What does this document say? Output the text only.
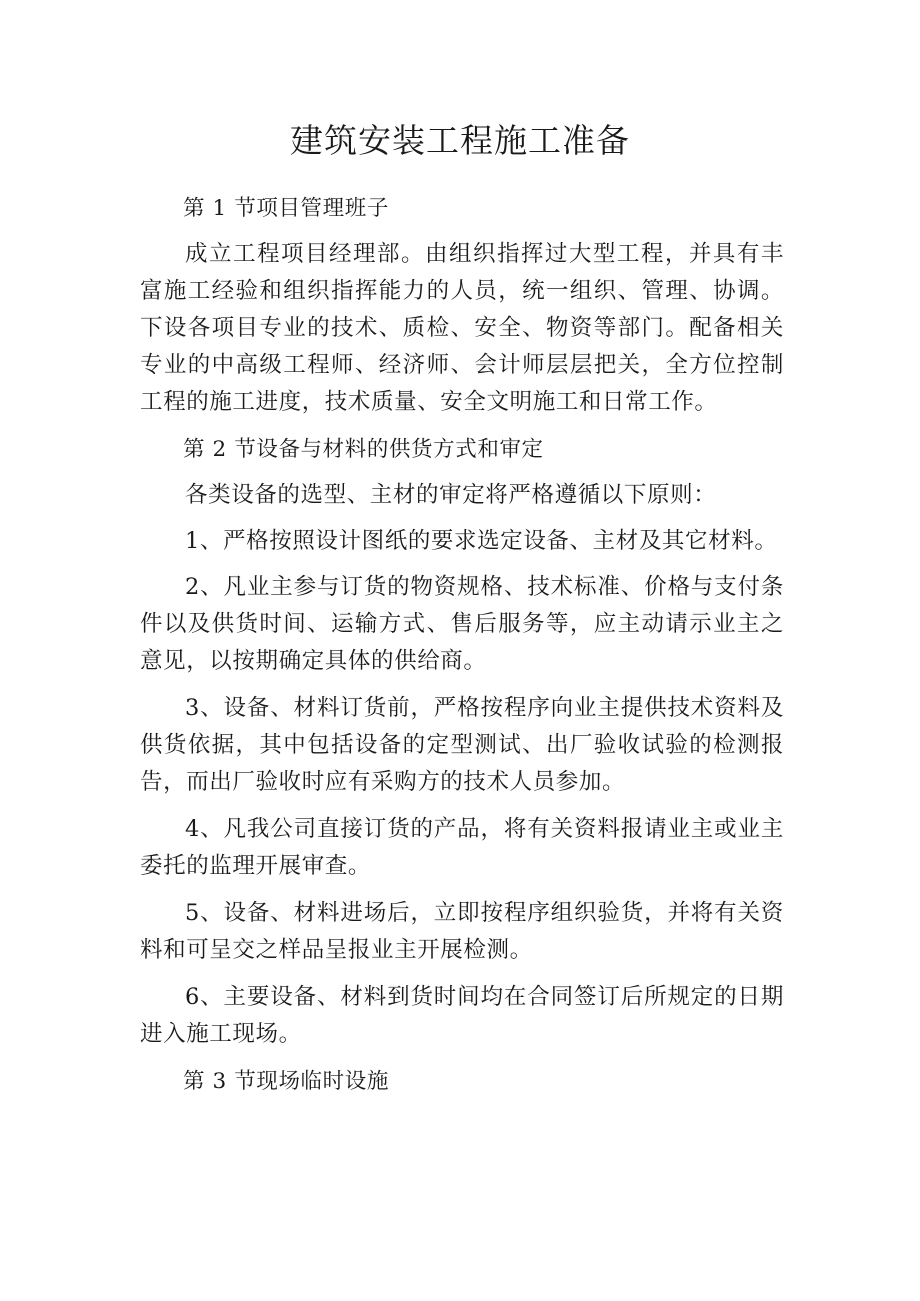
建筑安装工程施工准备

第 1 节项目管理班子

成立工程项目经理部。由组织指挥过大型工程，并具有丰富施工经验和组织指挥能力的人员，统一组织、管理、协调。下设各项目专业的技术、质检、安全、物资等部门。配备相关专业的中高级工程师、经济师、会计师层层把关，全方位控制工程的施工进度，技术质量、安全文明施工和日常工作。

第 2 节设备与材料的供货方式和审定

各类设备的选型、主材的审定将严格遵循以下原则：

1、严格按照设计图纸的要求选定设备、主材及其它材料。

2、凡业主参与订货的物资规格、技术标准、价格与支付条件以及供货时间、运输方式、售后服务等，应主动请示业主之意见，以按期确定具体的供给商。

3、设备、材料订货前，严格按程序向业主提供技术资料及供货依据，其中包括设备的定型测试、出厂验收试验的检测报告，而出厂验收时应有采购方的技术人员参加。

4、凡我公司直接订货的产品，将有关资料报请业主或业主委托的监理开展审查。

5、设备、材料进场后，立即按程序组织验货，并将有关资料和可呈交之样品呈报业主开展检测。

6、主要设备、材料到货时间均在合同签订后所规定的日期进入施工现场。

第 3 节现场临时设施
